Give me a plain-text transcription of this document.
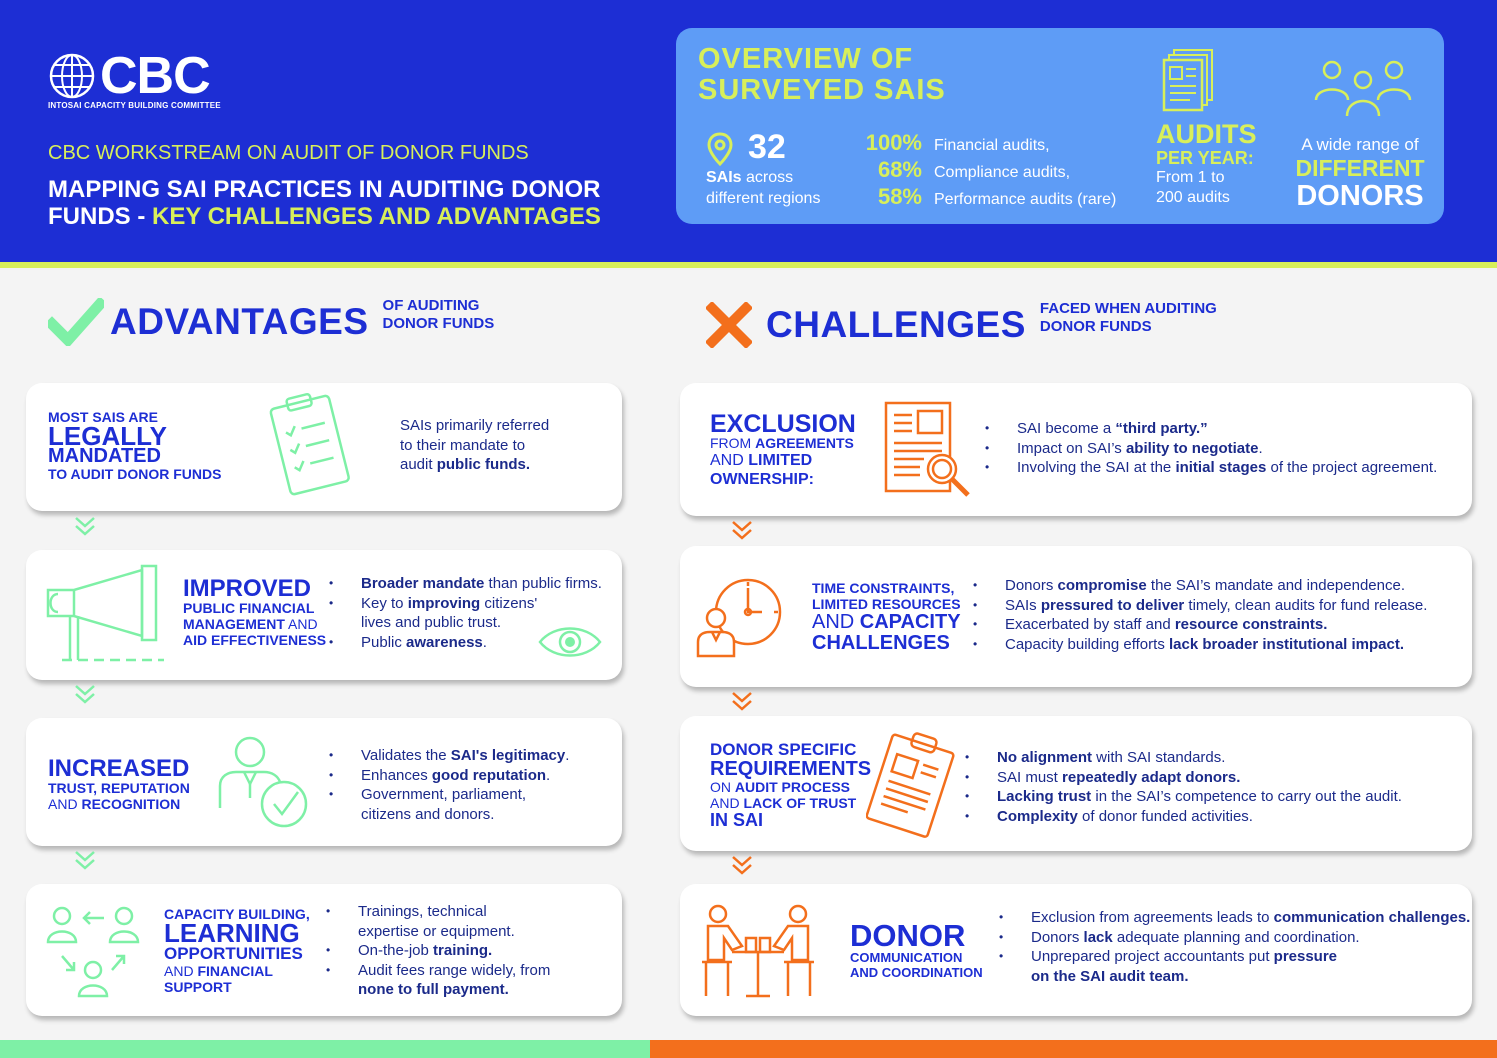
CBC
INTOSAI CAPACITY BUILDING COMMITTEE
CBC WORKSTREAM ON AUDIT OF DONOR FUNDS
MAPPING SAI PRACTICES IN AUDITING DONOR FUNDS - KEY CHALLENGES AND ADVANTAGES
OVERVIEW OF
SURVEYED SAIS
32
SAIs across
different regions
100% Financial audits,
68% Compliance audits,
58% Performance audits (rare)
AUDITS
PER YEAR:
From 1 to
200 audits
A wide range of
DIFFERENT
DONORS
ADVANTAGES OF AUDITING
DONOR FUNDS	CHALLENGES FACED WHEN AUDITING
DONOR FUNDS
MOST SAIS ARE
LEGALLY
MANDATED
TO AUDIT DONOR FUNDS
SAIs primarily referred
to their mandate to
audit public funds.
IMPROVED
PUBLIC FINANCIAL
MANAGEMENT AND
AID EFFECTIVENESS
• Broader mandate than public firms.
• Key to improving citizens'
lives and public trust.
• Public awareness.
INCREASED
TRUST, REPUTATION
AND RECOGNITION
• Validates the SAI's legitimacy.
• Enhances good reputation.
• Government, parliament,
citizens and donors.
CAPACITY BUILDING,
LEARNING
OPPORTUNITIES
AND FINANCIAL
SUPPORT
• Trainings, technical
expertise or equipment.
• On-the-job training.
• Audit fees range widely, from
none to full payment.
EXCLUSION
FROM AGREEMENTS
AND LIMITED
OWNERSHIP:
• SAI become a “third party.”
• Impact on SAI’s ability to negotiate.
• Involving the SAI at the initial stages of the project agreement.
TIME CONSTRAINTS,
LIMITED RESOURCES
AND CAPACITY
CHALLENGES
• Donors compromise the SAI’s mandate and independence.
• SAIs pressured to deliver timely, clean audits for fund release.
• Exacerbated by staff and resource constraints.
• Capacity building efforts lack broader institutional impact.
DONOR SPECIFIC
REQUIREMENTS
ON AUDIT PROCESS
AND LACK OF TRUST
IN SAI
• No alignment with SAI standards.
• SAI must repeatedly adapt donors.
• Lacking trust in the SAI’s competence to carry out the audit.
• Complexity of donor funded activities.
DONOR
COMMUNICATION
AND COORDINATION
• Exclusion from agreements leads to communication challenges.
• Donors lack adequate planning and coordination.
• Unprepared project accountants put pressure
on the SAI audit team.
